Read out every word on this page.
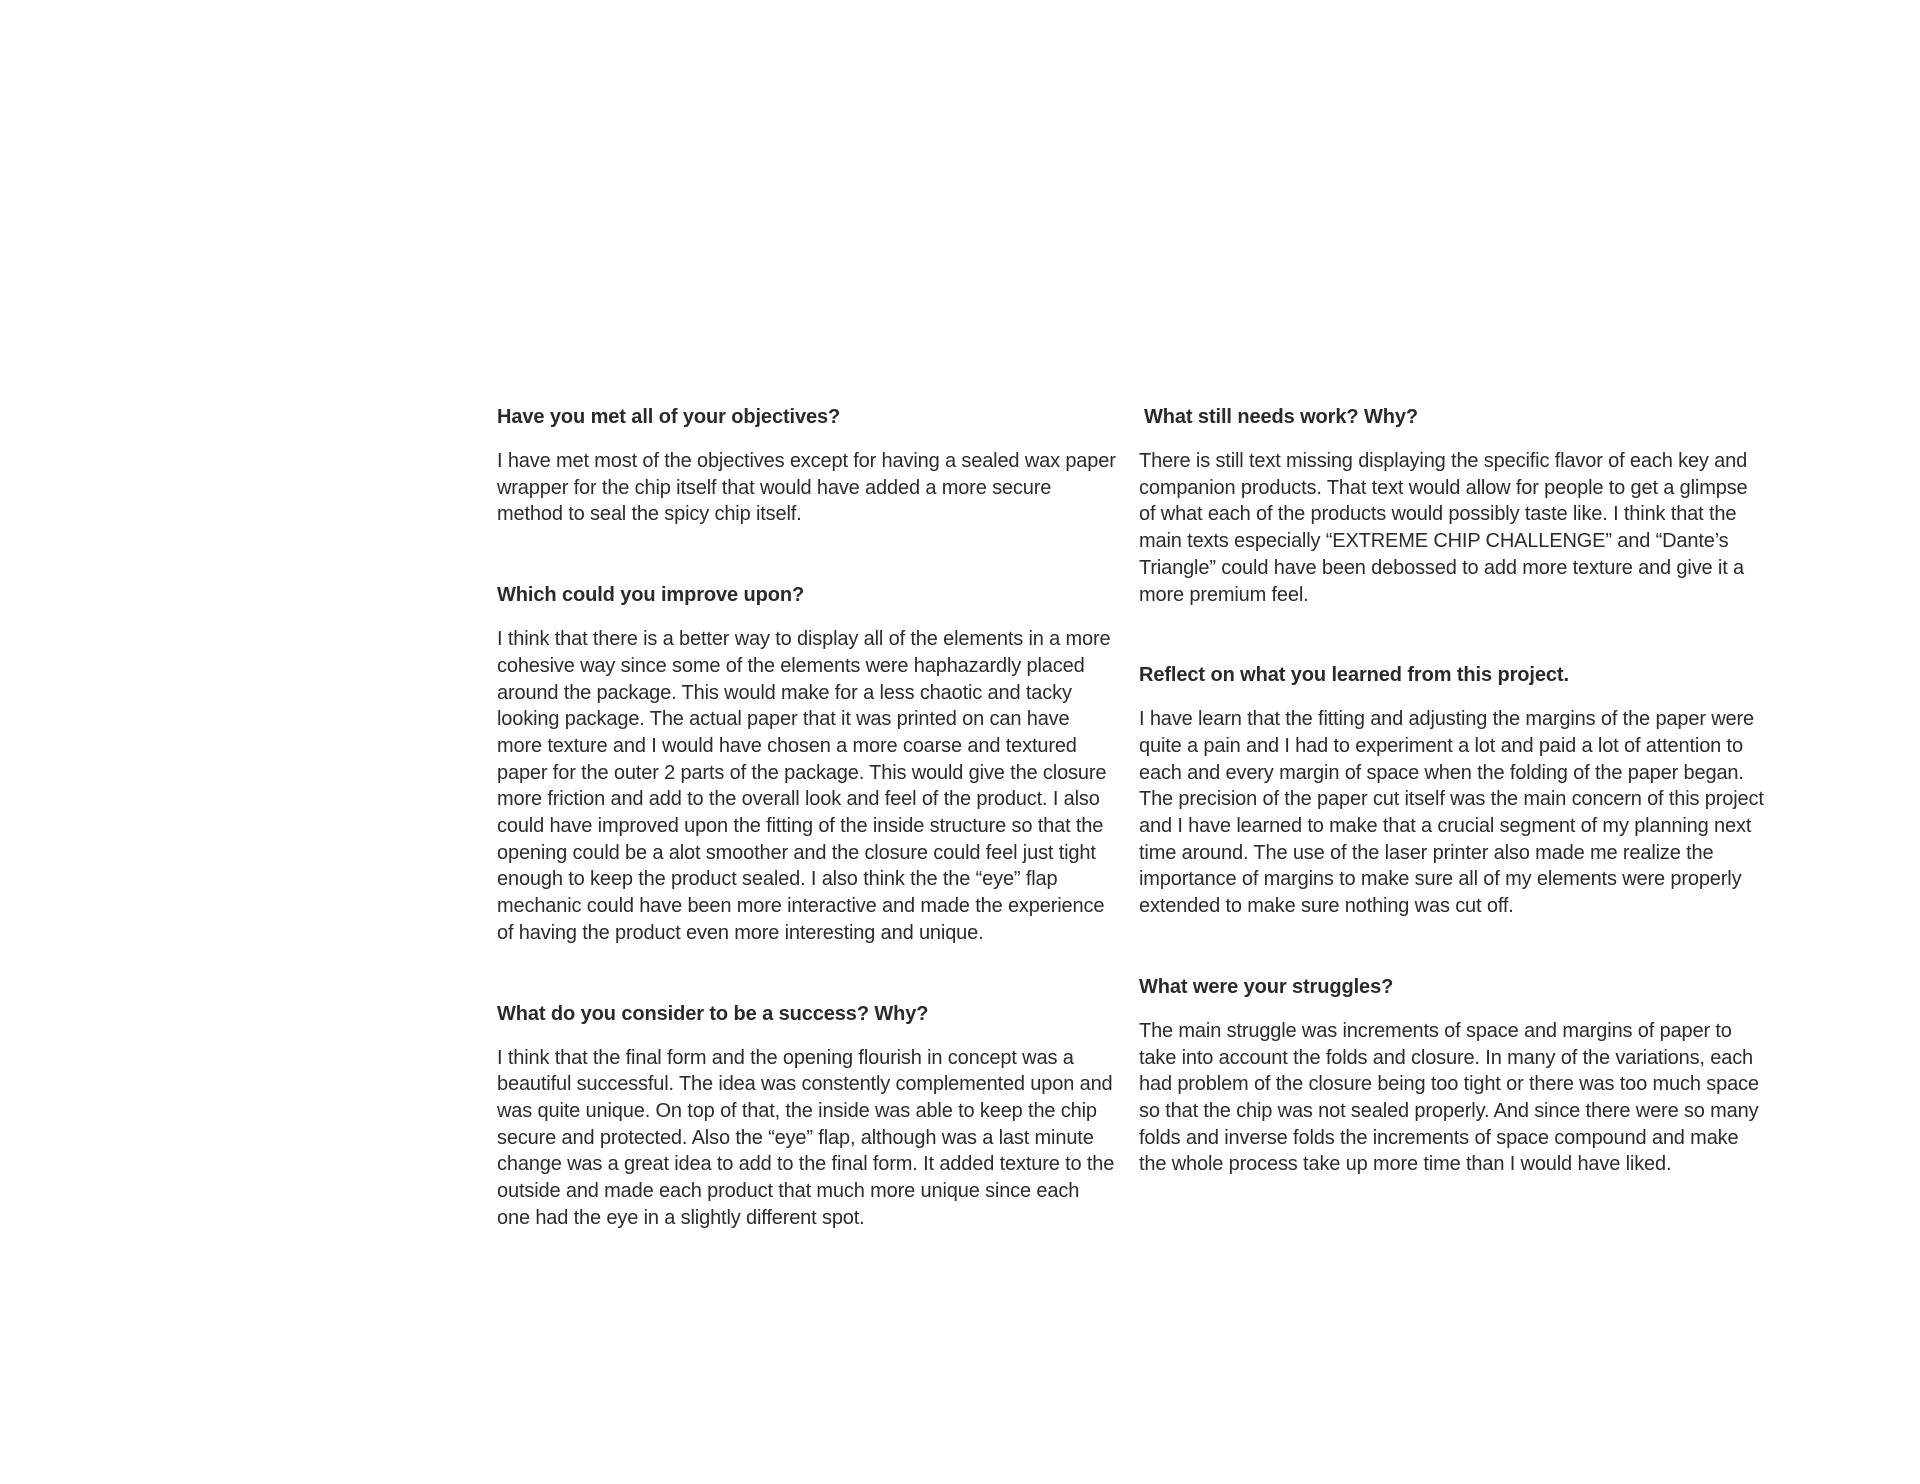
Have you met all of your objectives?

I have met most of the objectives except for having a sealed wax paper wrapper for the chip itself that would have added a more secure method to seal the spicy chip itself.

Which could you improve upon?

I think that there is a better way to display all of the elements in a more cohesive way since some of the elements were haphazardly placed around the package. This would make for a less chaotic and tacky looking package. The actual paper that it was printed on can have more texture and I would have chosen a more coarse and textured paper for the outer 2 parts of the package. This would give the closure more friction and add to the overall look and feel of the product. I also could have improved upon the fitting of the inside structure so that the opening could be a alot smoother and the closure could feel just tight enough to keep the product sealed. I also think the the “eye” flap mechanic could have been more interactive and made the experience of having the product even more interesting and unique.

What do you consider to be a success? Why?

I think that the final form and the opening flourish in concept was a beautiful successful. The idea was constently complemented upon and was quite unique. On top of that, the inside was able to keep the chip secure and protected. Also the “eye” flap, although was a last minute change was a great idea to add to the final form. It added texture to the outside and made each product that much more unique since each one had the eye in a slightly different spot.

What still needs work? Why?

There is still text missing displaying the specific flavor of each key and companion products. That text would allow for people to get a glimpse of what each of the products would possibly taste like. I think that the main texts especially “EXTREME CHIP CHALLENGE” and “Dante’s Triangle” could have been debossed to add more texture and give it a more premium feel.

Reflect on what you learned from this project.

I have learn that the fitting and adjusting the margins of the paper were quite a pain and I had to experiment a lot and paid a lot of attention to each and every margin of space when the folding of the paper began. The precision of the paper cut itself was the main concern of this project and I have learned to make that a crucial segment of my planning next time around. The use of the laser printer also made me realize the importance of margins to make sure all of my elements were properly extended to make sure nothing was cut off.

What were your struggles?

The main struggle was increments of space and margins of paper to take into account the folds and closure. In many of the variations, each had problem of the closure being too tight or there was too much space so that the chip was not sealed properly. And since there were so many folds and inverse folds the increments of space compound and make the whole process take up more time than I would have liked.
